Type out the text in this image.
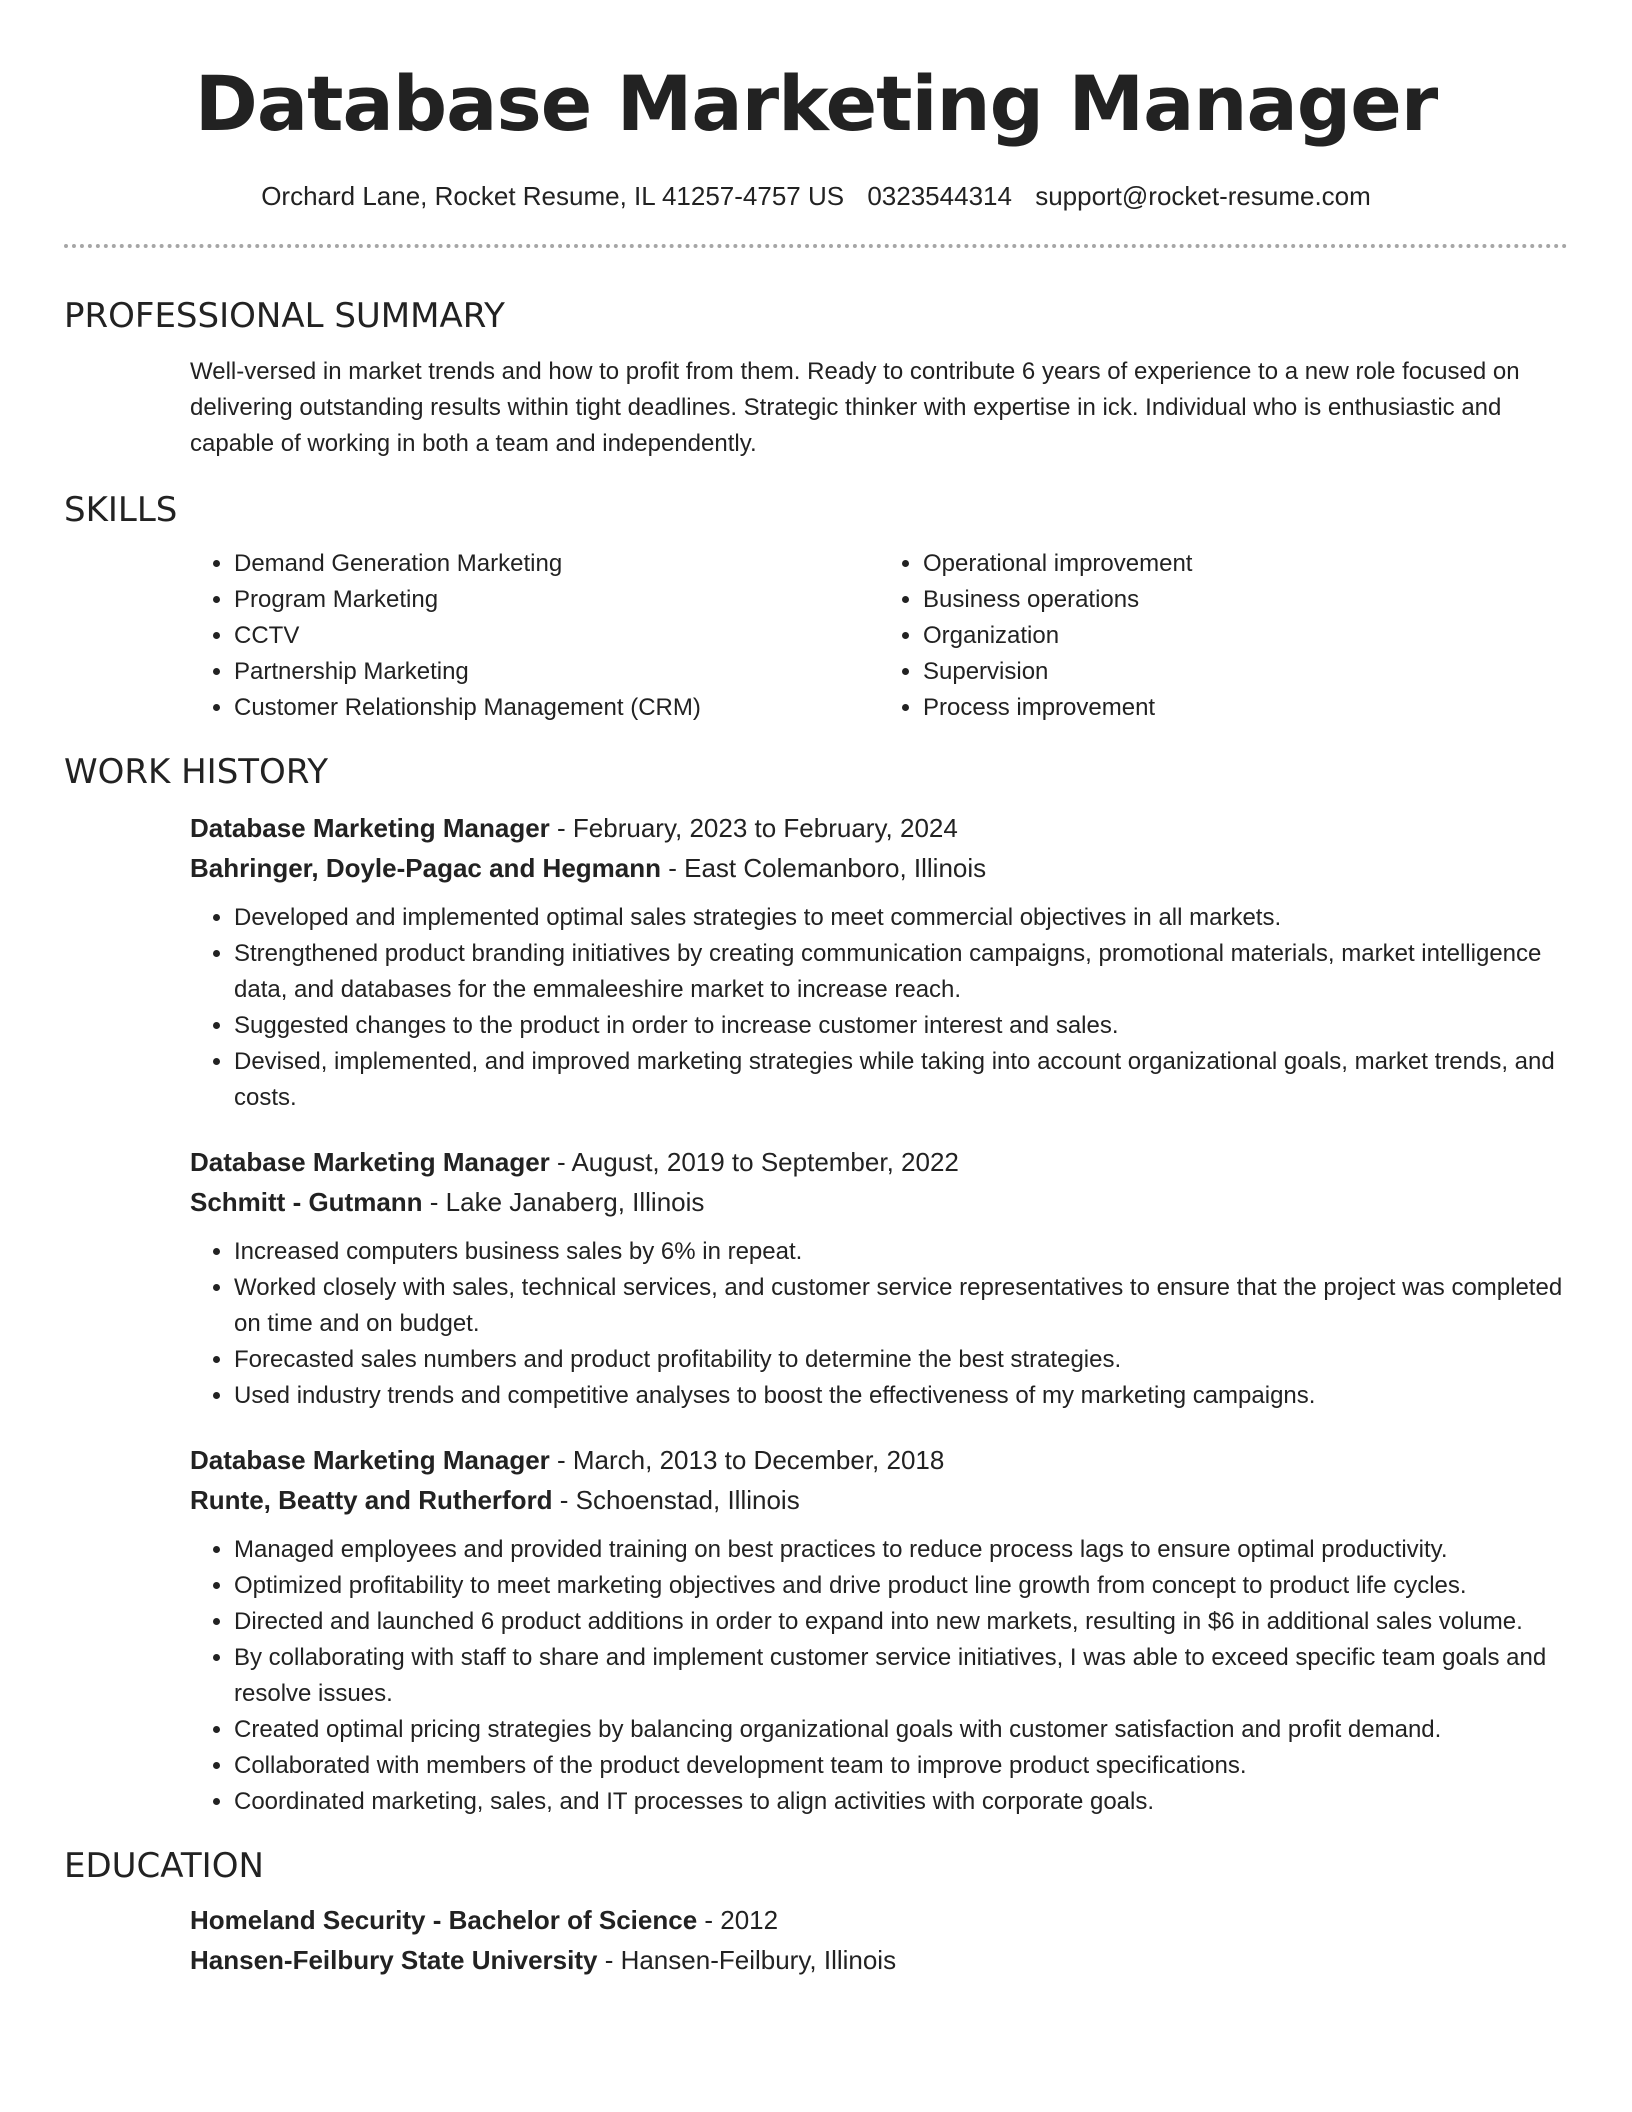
Database Marketing Manager
Orchard Lane, Rocket Resume, IL 41257-4757 US 0323544314 support@rocket-resume.com
PROFESSIONAL SUMMARY

Well-versed in market trends and how to profit from them. Ready to contribute 6 years of experience to a new role focused on delivering outstanding results within tight deadlines. Strategic thinker with expertise in ick. Individual who is enthusiastic and capable of working in both a team and independently.

SKILLS
• Demand Generation Marketing
• Program Marketing
• CCTV
• Partnership Marketing
• Customer Relationship Management (CRM)
• Operational improvement
• Business operations
• Organization
• Supervision
• Process improvement
WORK HISTORY
Database Marketing Manager - February, 2023 to February, 2024
Bahringer, Doyle-Pagac and Hegmann - East Colemanboro, Illinois
• Developed and implemented optimal sales strategies to meet commercial objectives in all markets.
• Strengthened product branding initiatives by creating communication campaigns, promotional materials, market intelligence data, and databases for the emmaleeshire market to increase reach.
• Suggested changes to the product in order to increase customer interest and sales.
• Devised, implemented, and improved marketing strategies while taking into account organizational goals, market trends, and costs.
Database Marketing Manager - August, 2019 to September, 2022
Schmitt - Gutmann - Lake Janaberg, Illinois
• Increased computers business sales by 6% in repeat.
• Worked closely with sales, technical services, and customer service representatives to ensure that the project was completed on time and on budget.
• Forecasted sales numbers and product profitability to determine the best strategies.
• Used industry trends and competitive analyses to boost the effectiveness of my marketing campaigns.
Database Marketing Manager - March, 2013 to December, 2018
Runte, Beatty and Rutherford - Schoenstad, Illinois
• Managed employees and provided training on best practices to reduce process lags to ensure optimal productivity.
• Optimized profitability to meet marketing objectives and drive product line growth from concept to product life cycles.
• Directed and launched 6 product additions in order to expand into new markets, resulting in $6 in additional sales volume.
• By collaborating with staff to share and implement customer service initiatives, I was able to exceed specific team goals and resolve issues.
• Created optimal pricing strategies by balancing organizational goals with customer satisfaction and profit demand.
• Collaborated with members of the product development team to improve product specifications.
• Coordinated marketing, sales, and IT processes to align activities with corporate goals.
EDUCATION
Homeland Security - Bachelor of Science - 2012
Hansen-Feilbury State University - Hansen-Feilbury, Illinois
